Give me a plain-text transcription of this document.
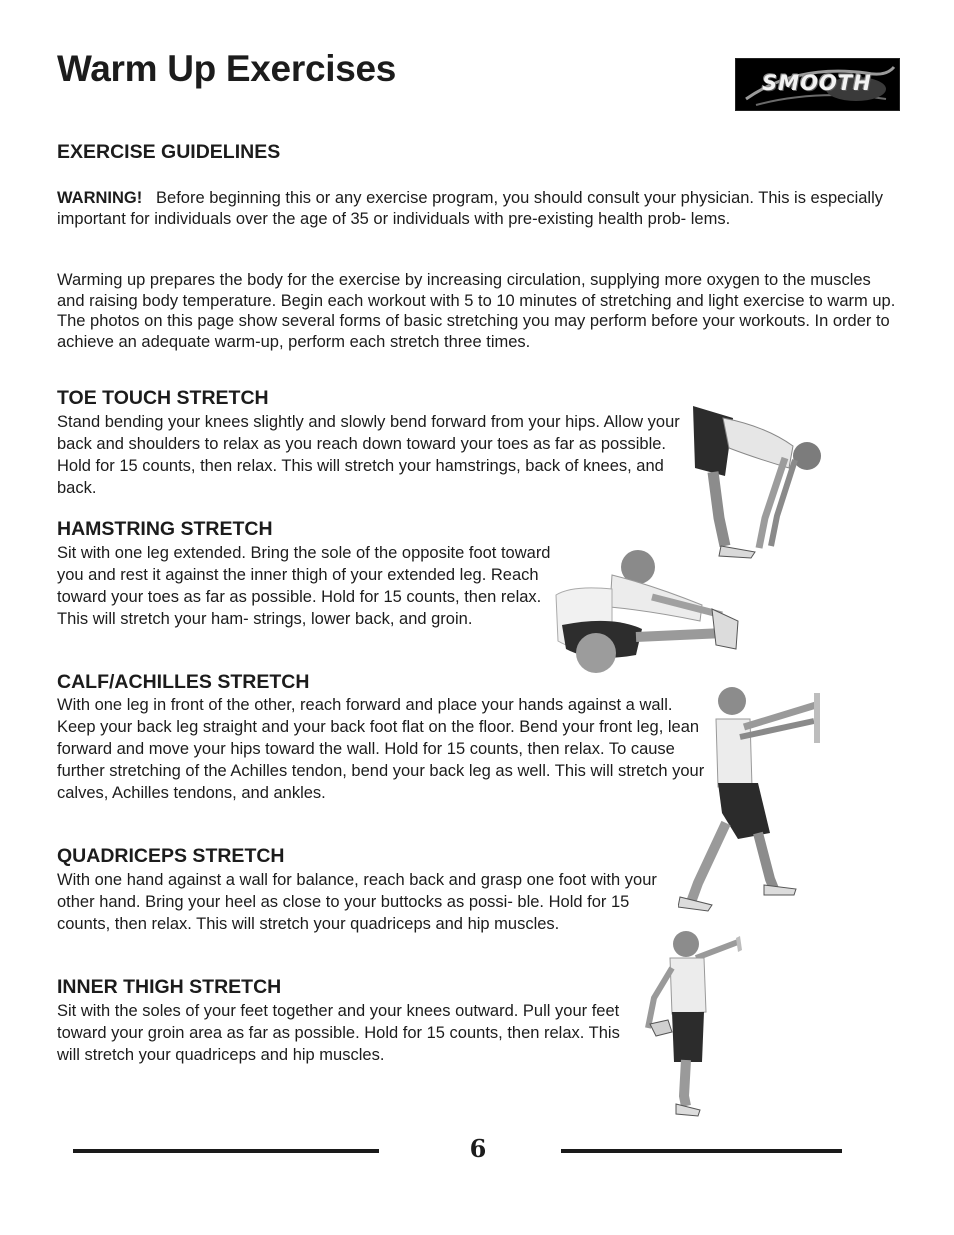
Warm Up Exercises	SMOOTH
EXERCISE GUIDELINES

WARNING! Before beginning this or any exercise program, you should consult your physician. This is especially important for individuals over the age of 35 or individuals with pre-existing health prob- lems.

Warming up prepares the body for the exercise by increasing circulation, supplying more oxygen to the muscles and raising body temperature. Begin each workout with 5 to 10 minutes of stretching and light exercise to warm up. The photos on this page show several forms of basic stretching you may perform before your workouts. In order to achieve an adequate warm-up, perform each stretch three times.

TOE TOUCH STRETCH

Stand bending your knees slightly and slowly bend forward from your hips. Allow your back and shoulders to relax as you reach down toward your toes as far as possible. Hold for 15 counts, then relax. This will stretch your hamstrings, back of knees, and back.

HAMSTRING STRETCH

Sit with one leg extended. Bring the sole of the opposite foot toward you and rest it against the inner thigh of your extended leg. Reach toward your toes as far as possible. Hold for 15 counts, then relax. This will stretch your ham- strings, lower back, and groin.

CALF/ACHILLES STRETCH

With one leg in front of the other, reach forward and place your hands against a wall. Keep your back leg straight and your back foot flat on the floor. Bend your front leg, lean forward and move your hips toward the wall. Hold for 15 counts, then relax. To cause further stretching of the Achilles tendon, bend your back leg as well. This will stretch your calves, Achilles tendons, and ankles.

QUADRICEPS STRETCH

With one hand against a wall for balance, reach back and grasp one foot with your other hand. Bring your heel as close to your buttocks as possi- ble. Hold for 15 counts, then relax. This will stretch your quadriceps and hip muscles.

INNER THIGH STRETCH

Sit with the soles of your feet together and your knees outward. Pull your feet toward your groin area as far as possible. Hold for 15 counts, then relax. This will stretch your quadriceps and hip muscles.

6
